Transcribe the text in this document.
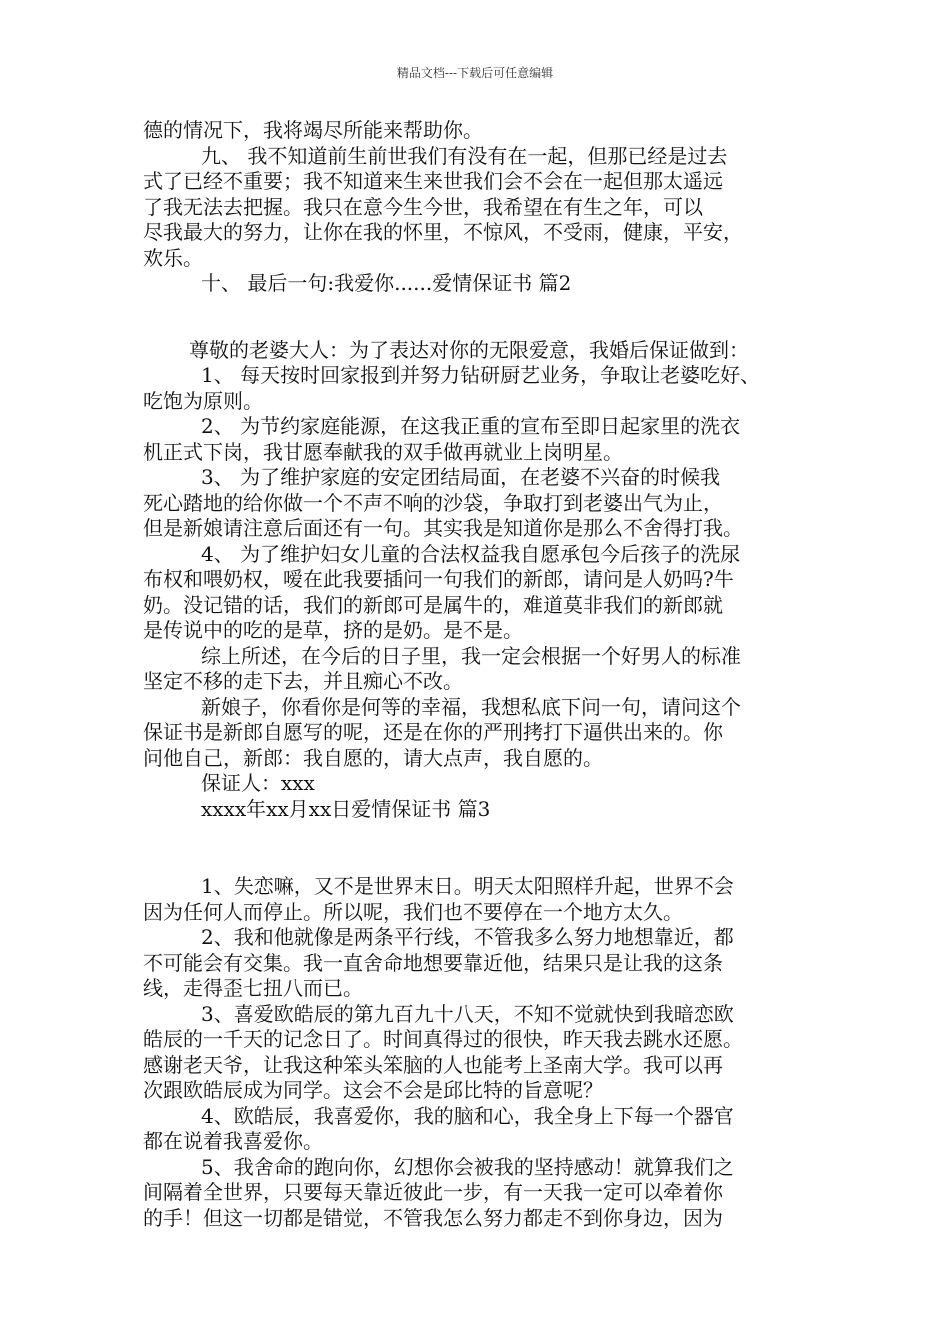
精品文档---下载后可任意编辑
德的情况下，我将竭尽所能来帮助你。
九、 我不知道前生前世我们有没有在一起，但那已经是过去
式了已经不重要；我不知道来生来世我们会不会在一起但那太遥远
了我无法去把握。我只在意今生今世，我希望在有生之年，可以
尽我最大的努力，让你在我的怀里，不惊风，不受雨，健康，平安，
欢乐。
十、 最后一句:我爱你......爱情保证书 篇2
尊敬的老婆大人：为了表达对你的无限爱意，我婚后保证做到：
1、 每天按时回家报到并努力钻研厨艺业务，争取让老婆吃好、
吃饱为原则。
2、 为节约家庭能源，在这我正重的宣布至即日起家里的洗衣
机正式下岗，我甘愿奉献我的双手做再就业上岗明星。
3、 为了维护家庭的安定团结局面，在老婆不兴奋的时候我
死心踏地的给你做一个不声不响的沙袋，争取打到老婆出气为止，
但是新娘请注意后面还有一句。其实我是知道你是那么不舍得打我。
4、 为了维护妇女儿童的合法权益我自愿承包今后孩子的洗尿
布权和喂奶权，嗳在此我要插问一句我们的新郎，请问是人奶吗?牛
奶。没记错的话，我们的新郎可是属牛的，难道莫非我们的新郎就
是传说中的吃的是草，挤的是奶。是不是。
综上所述，在今后的日子里，我一定会根据一个好男人的标准
坚定不移的走下去，并且痴心不改。
新娘子，你看你是何等的幸福，我想私底下问一句，请问这个
保证书是新郎自愿写的呢，还是在你的严刑拷打下逼供出来的。你
问他自己，新郎：我自愿的，请大点声，我自愿的。
保证人：xxx
xxxx年xx月xx日爱情保证书 篇3
1、失恋嘛，又不是世界末日。明天太阳照样升起，世界不会
因为任何人而停止。所以呢，我们也不要停在一个地方太久。
2、我和他就像是两条平行线，不管我多么努力地想靠近，都
不可能会有交集。我一直舍命地想要靠近他，结果只是让我的这条
线，走得歪七扭八而已。
3、喜爱欧皓辰的第九百九十八天，不知不觉就快到我暗恋欧
皓辰的一千天的记念日了。时间真得过的很快，昨天我去跳水还愿。
感谢老天爷，让我这种笨头笨脑的人也能考上圣南大学。我可以再
次跟欧皓辰成为同学。这会不会是邱比特的旨意呢？
4、欧皓辰，我喜爱你，我的脑和心，我全身上下每一个器官
都在说着我喜爱你。
5、我舍命的跑向你，幻想你会被我的坚持感动！就算我们之
间隔着全世界，只要每天靠近彼此一步，有一天我一定可以牵着你
的手！但这一切都是错觉，不管我怎么努力都走不到你身边，因为
